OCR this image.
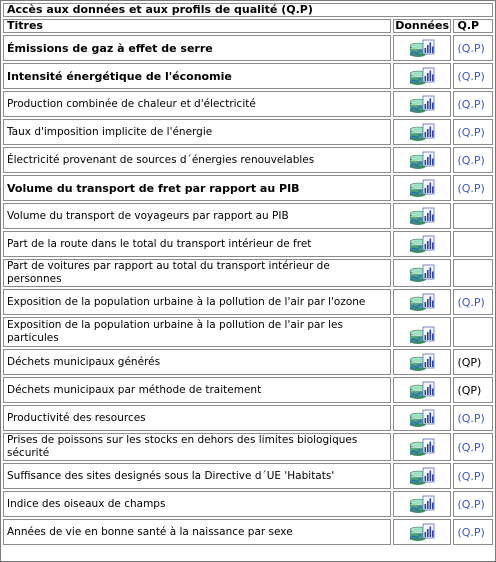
Accès aux données et aux profils de qualité (Q.P)		
Titres	Données	Q.P
Émissions de gaz à effet de serre		(Q.P)
Intensité énergétique de l'économie		(Q.P)
Production combinée de chaleur et d'électricité		(Q.P)
Taux d'imposition implicite de l'énergie		(Q.P)
Électricité provenant de sources d´énergies renouvelables		(Q.P)
Volume du transport de fret par rapport au PIB		(Q.P)
Volume du transport de voyageurs par rapport au PIB		
Part de la route dans le total du transport intérieur de fret		
Part de voitures par rapport au total du transport intérieur de personnes		
Exposition de la population urbaine à la pollution de l'air par l'ozone		(Q.P)
Exposition de la population urbaine à la pollution de l'air par les particules		
Déchets municipaux générés		(QP)
Déchets municipaux par méthode de traitement		(QP)
Productivité des resources		(Q.P)
Prises de poissons sur les stocks en dehors des limites biologiques sécurité		(Q.P)
Suffisance des sites designés sous la Directive d´UE 'Habitats'		(Q.P)
Indice des oiseaux de champs		(Q.P)
Années de vie en bonne santé à la naissance par sexe		(Q.P)
